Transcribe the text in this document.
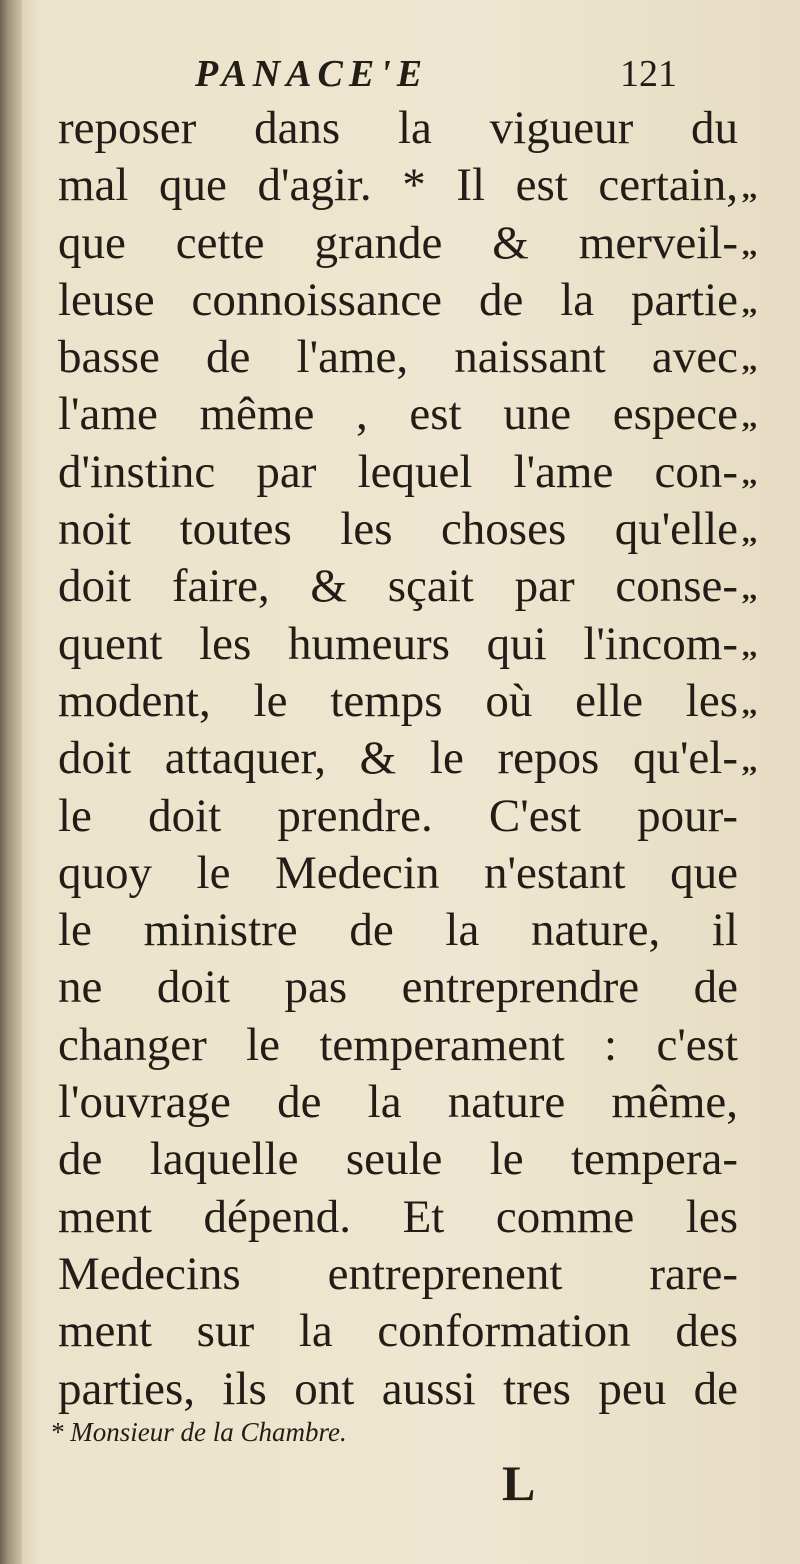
PANACE'E	121
reposer dans la vigueur du
mal que d'agir. * Il est certain,
que cette grande & merveil-
leuse connoissance de la partie
basse de l'ame, naissant avec
l'ame même , est une espece
d'instinc par lequel l'ame con-
noit toutes les choses qu'elle
doit faire, & sçait par conse-
quent les humeurs qui l'incom-
modent, le temps où elle les
doit attaquer, & le repos qu'el-
le doit prendre. C'est pour-
quoy le Medecin n'estant que
le ministre de la nature, il
ne doit pas entreprendre de
changer le temperament : c'est
l'ouvrage de la nature même,
de laquelle seule le tempera-
ment dépend. Et comme les
Medecins entreprenent rare-
ment sur la conformation des
parties, ils ont aussi tres peu de
,,
,,
,,
,,
,,
,,
,,
,,
,,
,,
,,
* Monsieur de la Chambre.
L
